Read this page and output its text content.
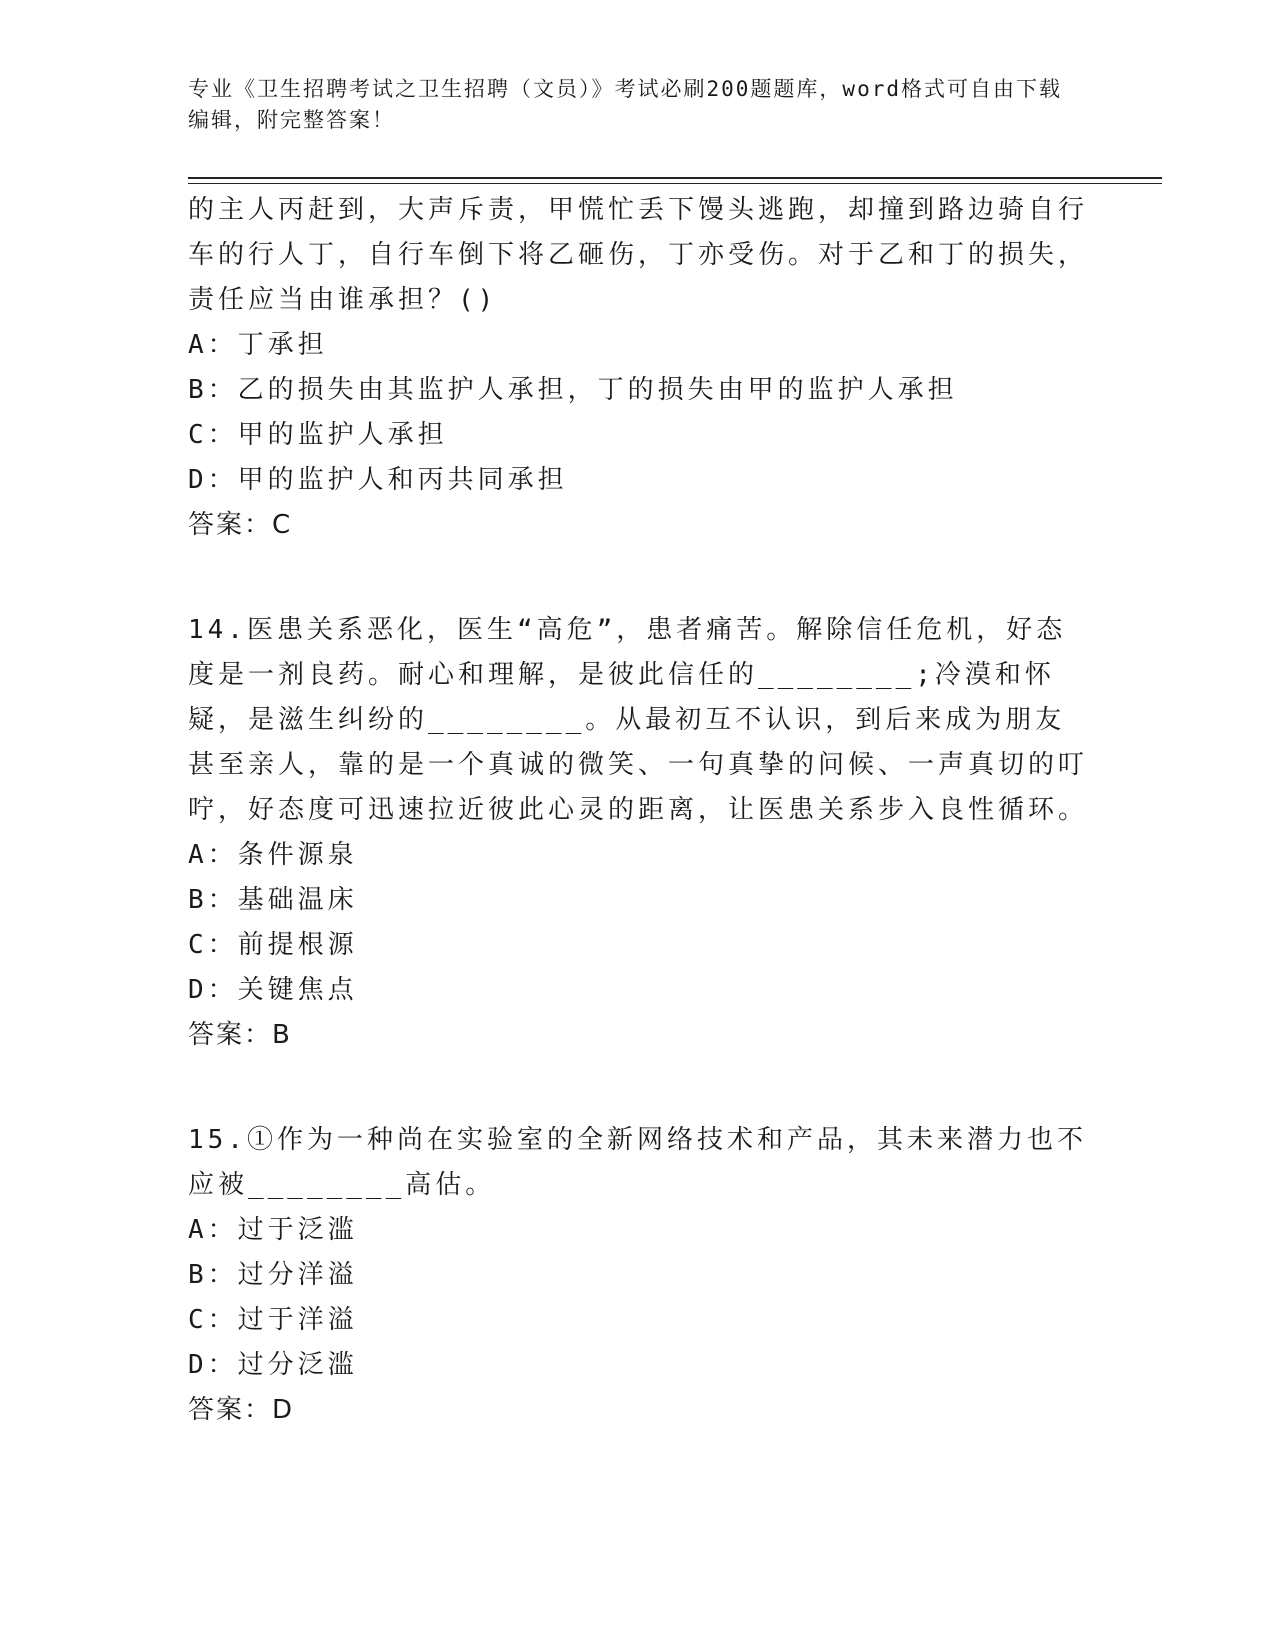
专业《卫生招聘考试之卫生招聘（文员）》考试必刷200题题库，word格式可自由下载编辑，附完整答案！

的主人丙赶到，大声斥责，甲慌忙丢下馒头逃跑，却撞到路边骑自行车的行人丁，自行车倒下将乙砸伤，丁亦受伤。对于乙和丁的损失，责任应当由谁承担？()

A：丁承担

B：乙的损失由其监护人承担，丁的损失由甲的监护人承担

C：甲的监护人承担

D：甲的监护人和丙共同承担

答案：C

14.医患关系恶化，医生“高危”，患者痛苦。解除信任危机，好态度是一剂良药。耐心和理解，是彼此信任的________;冷漠和怀疑，是滋生纠纷的________。从最初互不认识，到后来成为朋友甚至亲人，靠的是一个真诚的微笑、一句真挚的问候、一声真切的叮咛，好态度可迅速拉近彼此心灵的距离，让医患关系步入良性循环。

A：条件源泉

B：基础温床

C：前提根源

D：关键焦点

答案：B

15.①作为一种尚在实验室的全新网络技术和产品，其未来潜力也不应被________高估。

A：过于泛滥

B：过分洋溢

C：过于洋溢

D：过分泛滥

答案：D
